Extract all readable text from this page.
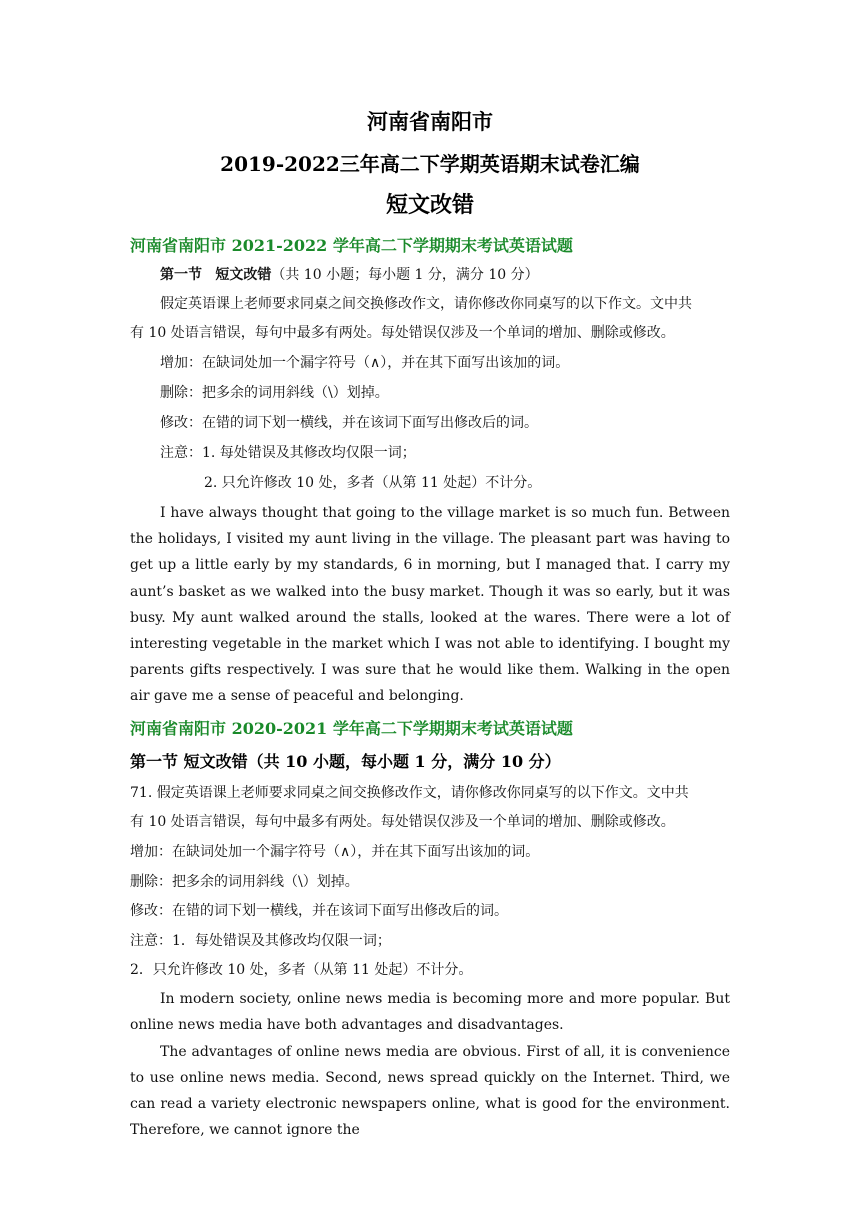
河南省南阳市
2019-2022三年高二下学期英语期末试卷汇编
短文改错
河南省南阳市 2021-2022 学年高二下学期期末考试英语试题
第一节 短文改错（共 10 小题；每小题 1 分，满分 10 分）
假定英语课上老师要求同桌之间交换修改作文，请你修改你同桌写的以下作文。文中共
有 10 处语言错误，每句中最多有两处。每处错误仅涉及一个单词的增加、删除或修改。
增加：在缺词处加一个漏字符号（∧），并在其下面写出该加的词。
删除：把多余的词用斜线（\）划掉。
修改：在错的词下划一横线，并在该词下面写出修改后的词。
注意：1. 每处错误及其修改均仅限一词；
2. 只允许修改 10 处，多者（从第 11 处起）不计分。
I have always thought that going to the village market is so much fun. Between the holidays, I visited my aunt living in the village. The pleasant part was having to get up a little early by my standards, 6 in morning, but I managed that. I carry my aunt’s basket as we walked into the busy market. Though it was so early, but it was busy. My aunt walked around the stalls, looked at the wares. There were a lot of interesting vegetable in the market which I was not able to identifying. I bought my parents gifts respectively. I was sure that he would like them. Walking in the open air gave me a sense of peaceful and belonging.
河南省南阳市 2020-2021 学年高二下学期期末考试英语试题
第一节 短文改错（共 10 小题，每小题 1 分，满分 10 分）
71. 假定英语课上老师要求同桌之间交换修改作文，请你修改你同桌写的以下作文。文中共
有 10 处语言错误，每句中最多有两处。每处错误仅涉及一个单词的增加、删除或修改。
增加：在缺词处加一个漏字符号（∧），并在其下面写出该加的词。
删除：把多余的词用斜线（\）划掉。
修改：在错的词下划一横线，并在该词下面写出修改后的词。
注意：1．每处错误及其修改均仅限一词；
2．只允许修改 10 处，多者（从第 11 处起）不计分。
In modern society, online news media is becoming more and more popular. But online news media have both advantages and disadvantages.
The advantages of online news media are obvious. First of all, it is convenience to use online news media. Second, news spread quickly on the Internet. Third, we can read a variety electronic newspapers online, what is good for the environment. Therefore, we cannot ignore the
